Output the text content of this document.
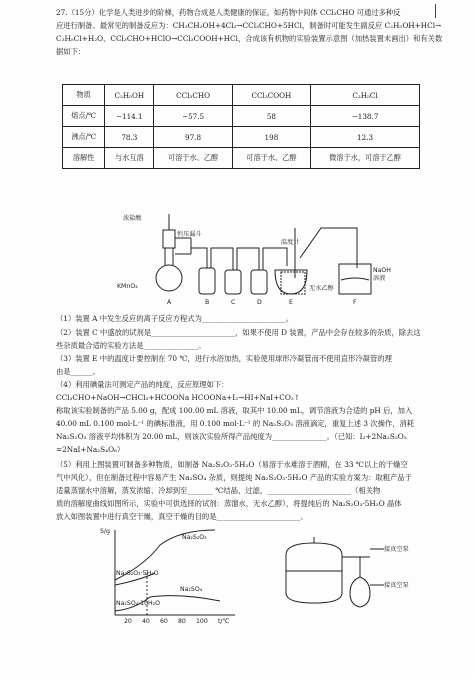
27.（15分）化学是人类进步的阶梯，药物合成是人类健康的保证。如药物中间体 CCl₃CHO 可通过多种反
应进行制备。最常见的制备反应为：CH₃CH₂OH+4Cl₂→CCl₃CHO+5HCl，制备时可能发生副反应 C₂H₅OH+HCl→
C₂H₅Cl+H₂O、CCl₃CHO+HClO→CCl₃COOH+HCl，合成该有机物的实验装置示意图（加热装置未画出）和有关数
据如下：
物质	C₂H₅OH	CCl₃CHO	CCl₃COOH	C₂H₅Cl
熔点/℃	−114.1	−57.5	58	−138.7
沸点/℃	78.3	97.8	198	12.3
溶解性	与水互溶	可溶于水、乙醇	可溶于水、乙醇	微溶于水，可溶于乙醇
浓盐酸
恒压漏斗
KMnO₄
温度计
无水乙醇
NaOH
溶液
A	B	C	D	E	F
（1）装置 A 中发生反应的离子反应方程式为_______________________。
（2）装置 C 中盛放的试剂是_______________________，如果不使用 D 装置，产品中会存在较多的杂质，除去这
些杂质最合适的实验方法是_______________。
（3）装置 E 中的温度计要控制在 70 ℃，进行水浴加热，实验使用球形冷凝管而不使用直形冷凝管的理
由是______。
（4）利用碘量法可测定产品的纯度，反应原理如下：
CCl₃CHO+NaOH→CHCl₃+HCOONa HCOONa+I₂→HI+NaI+CO₂↑
称取该实验制备的产品 5.00 g，配成 100.00 mL 溶液，取其中 10.00 mL，调节溶液为合适的 pH 后，加入
40.00 mL 0.100 mol·L⁻¹ 的碘标准液，用 0.100 mol·L⁻¹ 的 Na₂S₂O₃ 溶液滴定，重复上述 3 次操作，消耗
Na₂S₂O₃ 溶液平均体积为 20.00 mL，则该次实验所得产品纯度为_______________。（已知：I₂+2Na₂S₂O₃
=2NaI+Na₂S₄O₆）
（5）利用上图装置可制备多种物质，如制备 Na₂S₂O₃·5H₂O（易溶于水难溶于酒精，在 33 ℃以上的干燥空
气中风化），但在制备过程中容易产生 Na₂SO₄ 杂质，则提纯 Na₂S₂O₃·5H₂O 产品的实验方案为：取粗产品于
适量蒸馏水中溶解，蒸发浓缩、冷却到至_______ ℃结晶，过滤，_______________________（相关物
质的溶解度曲线如图所示，实验中可供选择的试剂：蒸馏水，无水乙醇），将提纯后的 Na₂S₂O₃·5H₂O 晶体
放入如图装置中进行真空干燥，真空干燥的目的是_______________________。
S/g
t/℃
20 40 60 80 100
Na₂S₂O₃
Na₂S₂O₃·5H₂O
Na₂SO₄
Na₂SO₄·10H₂O
接真空泵
接真空泵
